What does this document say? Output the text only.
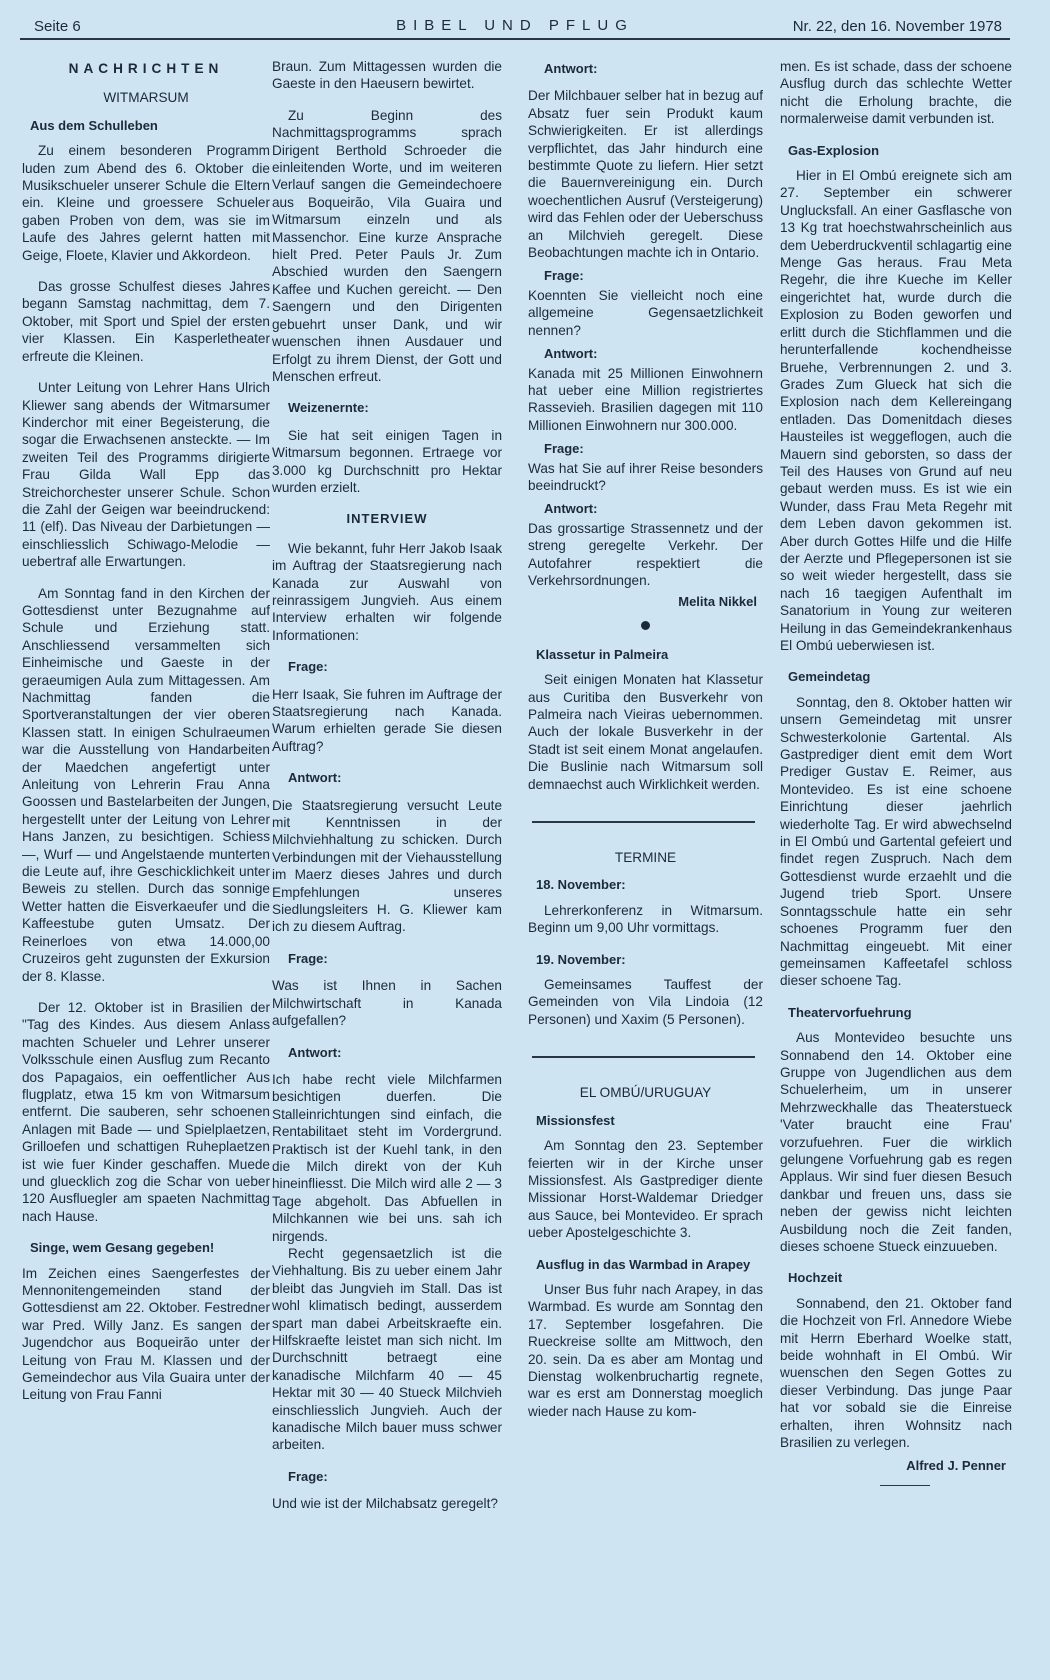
Seite 6	BIBEL UND PFLUG	Nr. 22, den 16. November 1978
NACHRICHTEN
WITMARSUM
Aus dem Schulleben

Zu einem besonderen Programm luden zum Abend des 6. Oktober die Musikschueler unserer Schule die Eltern ein. Kleine und groessere Schueler gaben Proben von dem, was sie im Laufe des Jahres gelernt hatten mit Geige, Floete, Klavier und Akkordeon.

Das grosse Schulfest dieses Jahres begann Samstag nachmittag, dem 7. Oktober, mit Sport und Spiel der ersten vier Klassen. Ein Kasperletheater erfreute die Kleinen.

Unter Leitung von Lehrer Hans Ulrich Kliewer sang abends der Witmarsumer Kinderchor mit einer Begeisterung, die sogar die Erwachsenen ansteckte. — Im zweiten Teil des Programms dirigierte Frau Gilda Wall Epp das Streichorchester unserer Schule. Schon die Zahl der Geigen war beeindruckend: 11 (elf). Das Niveau der Darbietungen — einschliesslich Schiwago-Melodie — uebertraf alle Erwartungen.

Am Sonntag fand in den Kirchen der Gottesdienst unter Bezugnahme auf Schule und Erziehung statt. Anschliessend versammelten sich Einheimische und Gaeste in der geraeumigen Aula zum Mittagessen. Am Nachmittag fanden die Sportveranstaltungen der vier oberen Klassen statt. In einigen Schulraeumen war die Ausstellung von Handarbeiten der Maedchen angefertigt unter Anleitung von Lehrerin Frau Anna Goossen und Bastelarbeiten der Jungen, hergestellt unter der Leitung von Lehrer Hans Janzen, zu besichtigen. Schiess —, Wurf — und Angelstaende munterten die Leute auf, ihre Geschicklichkeit unter Beweis zu stellen. Durch das sonnige Wetter hatten die Eisverkaeufer und die Kaffeestube guten Umsatz. Der Reinerloes von etwa 14.000,00 Cruzeiros geht zugunsten der Exkursion der 8. Klasse.

Der 12. Oktober ist in Brasilien der "Tag des Kindes. Aus diesem Anlass machten Schueler und Lehrer unserer Volksschule einen Ausflug zum Recanto dos Papagaios, ein oeffentlicher Aus flugplatz, etwa 15 km von Witmarsum entfernt. Die sauberen, sehr schoenen Anlagen mit Bade — und Spielplaetzen, Grilloefen und schattigen Ruheplaetzen ist wie fuer Kinder geschaffen. Muede und gluecklich zog die Schar von ueber 120 Ausfluegler am spaeten Nachmittag nach Hause.

Singe, wem Gesang gegeben!

Im Zeichen eines Saengerfestes der Mennonitengemeinden stand der Gottesdienst am 22. Oktober. Festredner war Pred. Willy Janz. Es sangen der Jugendchor aus Boqueirão unter der Leitung von Frau M. Klassen und der Gemeindechor aus Vila Guaira unter der Leitung von Frau Fanni

Braun. Zum Mittagessen wurden die Gaeste in den Haeusern bewirtet.

Zu Beginn des Nachmittagsprogramms sprach Dirigent Berthold Schroeder die einleitenden Worte, und im weiteren Verlauf sangen die Gemeindechoere aus Boqueirão, Vila Guaira und Witmarsum einzeln und als Massenchor. Eine kurze Ansprache hielt Pred. Peter Pauls Jr. Zum Abschied wurden den Saengern Kaffee und Kuchen gereicht. — Den Saengern und den Dirigenten gebuehrt unser Dank, und wir wuenschen ihnen Ausdauer und Erfolgt zu ihrem Dienst, der Gott und Menschen erfreut.

Weizenernte:

Sie hat seit einigen Tagen in Witmarsum begonnen. Ertraege vor 3.000 kg Durchschnitt pro Hektar wurden erzielt.

INTERVIEW

Wie bekannt, fuhr Herr Jakob Isaak im Auftrag der Staatsregierung nach Kanada zur Auswahl von reinrassigem Jungvieh. Aus einem Interview erhalten wir folgende Informationen:

Frage:

Herr Isaak, Sie fuhren im Auftrage der Staatsregierung nach Kanada. Warum erhielten gerade Sie diesen Auftrag?

Antwort:

Die Staatsregierung versucht Leute mit Kenntnissen in der Milchviehhaltung zu schicken. Durch Verbindungen mit der Viehausstellung im Maerz dieses Jahres und durch Empfehlungen unseres Siedlungsleiters H. G. Kliewer kam ich zu diesem Auftrag.

Frage:

Was ist Ihnen in Sachen Milchwirtschaft in Kanada aufgefallen?

Antwort:

Ich habe recht viele Milchfarmen besichtigen duerfen. Die Stalleinrichtungen sind einfach, die Rentabilitaet steht im Vordergrund. Praktisch ist der Kuehl tank, in den die Milch direkt von der Kuh hineinfliesst. Die Milch wird alle 2 — 3 Tage abgeholt. Das Abfuellen in Milchkannen wie bei uns. sah ich nirgends.

Recht gegensaetzlich ist die Viehhaltung. Bis zu ueber einem Jahr bleibt das Jungvieh im Stall. Das ist wohl klimatisch bedingt, ausserdem spart man dabei Arbeitskraefte ein. Hilfskraefte leistet man sich nicht. Im Durchschnitt betraegt eine kanadische Milchfarm 40 — 45 Hektar mit 30 — 40 Stueck Milchvieh einschliesslich Jungvieh. Auch der kanadische Milch bauer muss schwer arbeiten.

Frage:

Und wie ist der Milchabsatz geregelt?

Antwort:

Der Milchbauer selber hat in bezug auf Absatz fuer sein Produkt kaum Schwierigkeiten. Er ist allerdings verpflichtet, das Jahr hindurch eine bestimmte Quote zu liefern. Hier setzt die Bauernvereinigung ein. Durch woechentlichen Ausruf (Versteigerung) wird das Fehlen oder der Ueberschuss an Milchvieh geregelt. Diese Beobachtungen machte ich in Ontario.

Frage:

Koennten Sie vielleicht noch eine allgemeine Gegensaetzlichkeit nennen?

Antwort:

Kanada mit 25 Millionen Einwohnern hat ueber eine Million registriertes Rassevieh. Brasilien dagegen mit 110 Millionen Einwohnern nur 300.000.

Frage:

Was hat Sie auf ihrer Reise besonders beeindruckt?

Antwort:

Das grossartige Strassennetz und der streng geregelte Verkehr. Der Autofahrer respektiert die Verkehrsordnungen.

Melita Nikkel
Klassetur in Palmeira

Seit einigen Monaten hat Klassetur aus Curitiba den Busverkehr von Palmeira nach Vieiras uebernommen. Auch der lokale Busverkehr in der Stadt ist seit einem Monat angelaufen. Die Buslinie nach Witmarsum soll demnaechst auch Wirklichkeit werden.

TERMINE
18. November:

Lehrerkonferenz in Witmarsum. Beginn um 9,00 Uhr vormittags.

19. November:

Gemeinsames Tauffest der Gemeinden von Vila Lindoia (12 Personen) und Xaxim (5 Personen).

EL OMBÚ/URUGUAY
Missionsfest

Am Sonntag den 23. September feierten wir in der Kirche unser Missionsfest. Als Gastprediger diente Missionar Horst-Waldemar Driedger aus Sauce, bei Montevideo. Er sprach ueber Apostelgeschichte 3.

Ausflug in das Warmbad in Arapey

Unser Bus fuhr nach Arapey, in das Warmbad. Es wurde am Sonntag den 17. September losgefahren. Die Rueckreise sollte am Mittwoch, den 20. sein. Da es aber am Montag und Dienstag wolkenbruchartig regnete, war es erst am Donnerstag moeglich wieder nach Hause zu kom-

men. Es ist schade, dass der schoene Ausflug durch das schlechte Wetter nicht die Erholung brachte, die normalerweise damit verbunden ist.

Gas-Explosion

Hier in El Ombú ereignete sich am 27. September ein schwerer Unglucksfall. An einer Gasflasche von 13 Kg trat hoechstwahrscheinlich aus dem Ueberdruckventil schlagartig eine Menge Gas heraus. Frau Meta Regehr, die ihre Kueche im Keller eingerichtet hat, wurde durch die Explosion zu Boden geworfen und erlitt durch die Stichflammen und die herunterfallende kochendheisse Bruehe, Verbrennungen 2. und 3. Grades Zum Glueck hat sich die Explosion nach dem Kellereingang entladen. Das Domenitdach dieses Hausteiles ist weggeflogen, auch die Mauern sind geborsten, so dass der Teil des Hauses von Grund auf neu gebaut werden muss. Es ist wie ein Wunder, dass Frau Meta Regehr mit dem Leben davon gekommen ist. Aber durch Gottes Hilfe und die Hilfe der Aerzte und Pflegepersonen ist sie so weit wieder hergestellt, dass sie nach 16 taegigen Aufenthalt im Sanatorium in Young zur weiteren Heilung in das Gemeindekrankenhaus El Ombú ueberwiesen ist.

Gemeindetag

Sonntag, den 8. Oktober hatten wir unsern Gemeindetag mit unsrer Schwesterkolonie Gartental. Als Gastprediger dient emit dem Wort Prediger Gustav E. Reimer, aus Montevideo. Es ist eine schoene Einrichtung dieser jaehrlich wiederholte Tag. Er wird abwechselnd in El Ombú und Gartental gefeiert und findet regen Zuspruch. Nach dem Gottesdienst wurde erzaehlt und die Jugend trieb Sport. Unsere Sonntagsschule hatte ein sehr schoenes Programm fuer den Nachmittag eingeuebt. Mit einer gemeinsamen Kaffeetafel schloss dieser schoene Tag.

Theatervorfuehrung

Aus Montevideo besuchte uns Sonnabend den 14. Oktober eine Gruppe von Jugendlichen aus dem Schuelerheim, um in unserer Mehrzweckhalle das Theaterstueck 'Vater braucht eine Frau' vorzufuehren. Fuer die wirklich gelungene Vorfuehrung gab es regen Applaus. Wir sind fuer diesen Besuch dankbar und freuen uns, dass sie neben der gewiss nicht leichten Ausbildung noch die Zeit fanden, dieses schoene Stueck einzuueben.

Hochzeit

Sonnabend, den 21. Oktober fand die Hochzeit von Frl. Annedore Wiebe mit Herrn Eberhard Woelke statt, beide wohnhaft in El Ombú. Wir wuenschen den Segen Gottes zu dieser Verbindung. Das junge Paar hat vor sobald sie die Einreise erhalten, ihren Wohnsitz nach Brasilien zu verlegen.

Alfred J. Penner
